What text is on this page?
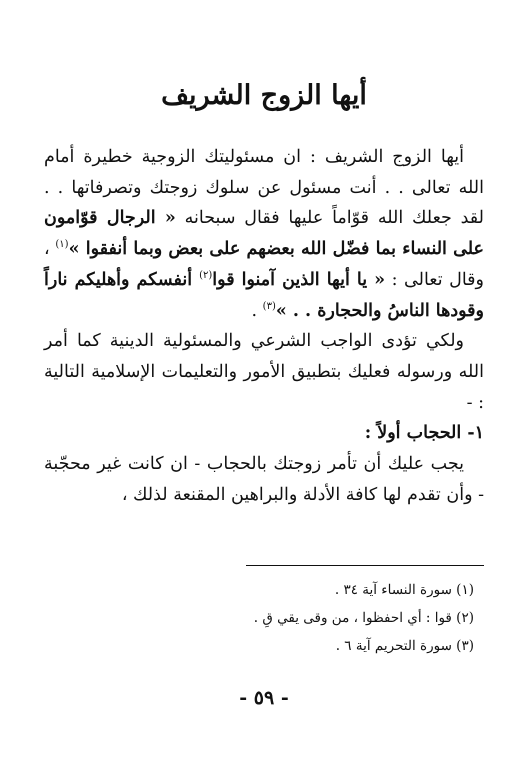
أيها الزوج الشريف

أيها الزوج الشريف : ان مسئوليتك الزوجية خطيرة أمام الله تعالى . . أنت مسئول عن سلوك زوجتك وتصرفاتها . . لقد جعلك الله قوّاماً عليها فقال سبحانه « الرجال قوّامون على النساء بما فضّل الله بعضهم على بعض وبما أنفقوا »$^{(١)}$ ، وقال تعالى : « يا أيها الذين آمنوا قوا$^{(٢)}$ أنفسكم وأهليكم ناراً وقودها الناسُ والحجارة . . »$^{(٣)}$ .

ولكي تؤدى الواجب الشرعي والمسئولية الدينية كما أمر الله ورسوله فعليك بتطبيق الأمور والتعليمات الإسلامية التالية : -

١- الحجاب أولاً :

يجب عليك أن تأمر زوجتك بالحجاب - ان كانت غير محجّبة - وأن تقدم لها كافة الأدلة والبراهين المقنعة لذلك ،

(١) سورة النساء آية ٣٤ .
(٢) قوا : أي احفظوا ، من وقى يقي قِ .
(٣) سورة التحريم آية ٦ .
- ٥٩ -
